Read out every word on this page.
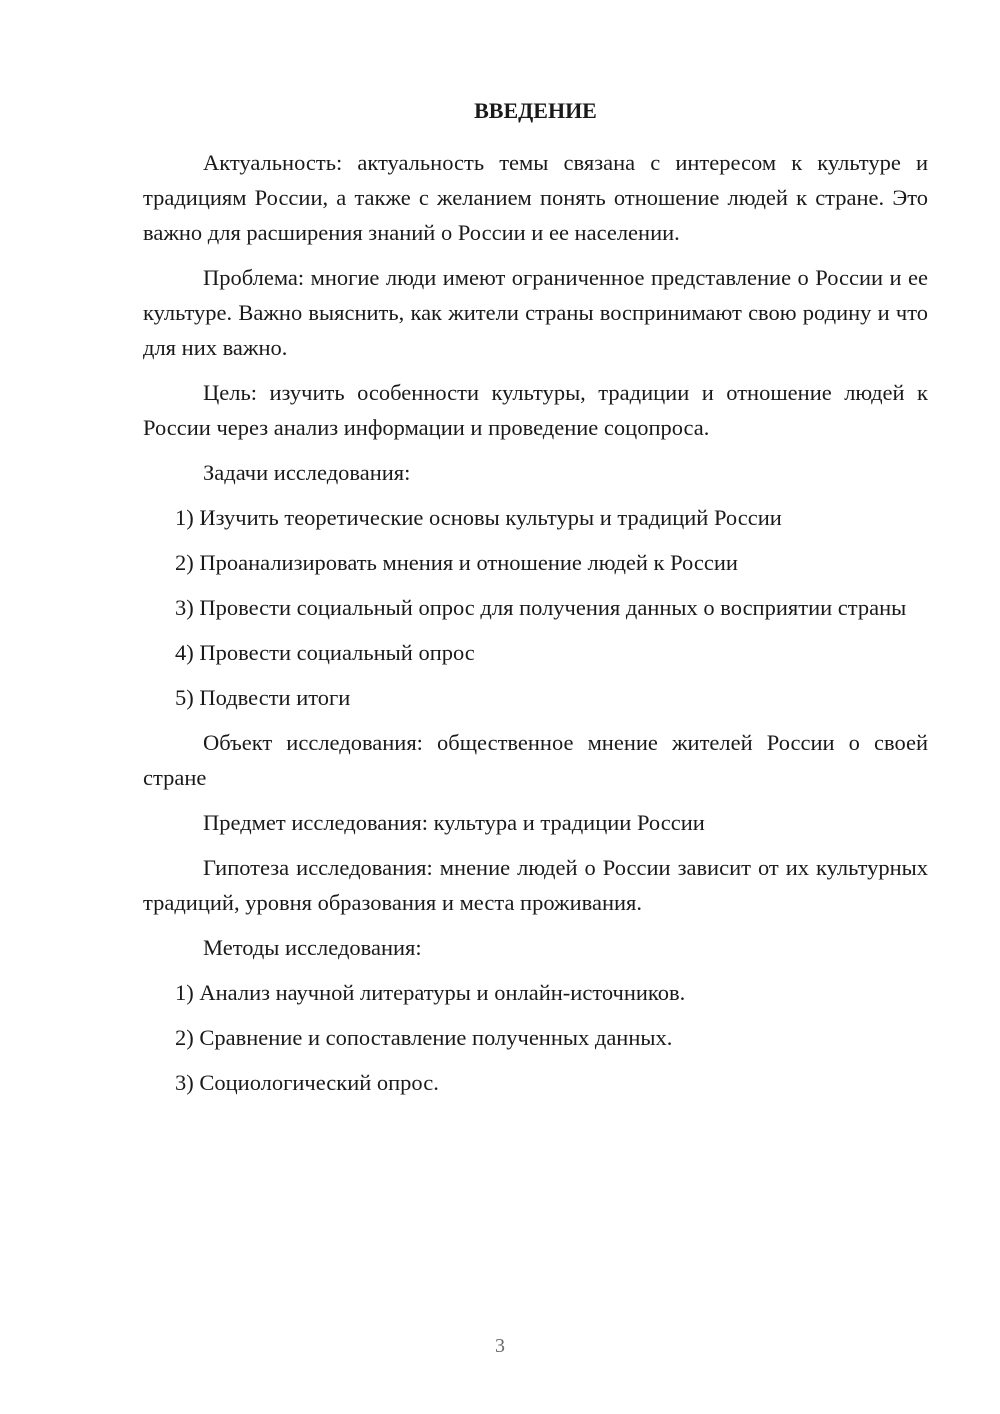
ВВЕДЕНИЕ

Актуальность: актуальность темы связана с интересом к культуре и традициям России, а также с желанием понять отношение людей к стране. Это важно для расширения знаний о России и ее населении.

Проблема: многие люди имеют ограниченное представление о России и ее культуре. Важно выяснить, как жители страны воспринимают свою родину и что для них важно.

Цель: изучить особенности культуры, традиции и отношение людей к России через анализ информации и проведение соцопроса.

Задачи исследования:

1) Изучить теоретические основы культуры и традиций России

2) Проанализировать мнения и отношение людей к России

3) Провести социальный опрос для получения данных о восприятии страны

4) Провести социальный опрос

5) Подвести итоги

Объект исследования: общественное мнение жителей России о своей стране

Предмет исследования: культура и традиции России

Гипотеза исследования: мнение людей о России зависит от их культурных традиций, уровня образования и места проживания.

Методы исследования:

1) Анализ научной литературы и онлайн-источников.

2) Сравнение и сопоставление полученных данных.

3) Социологический опрос.

3
